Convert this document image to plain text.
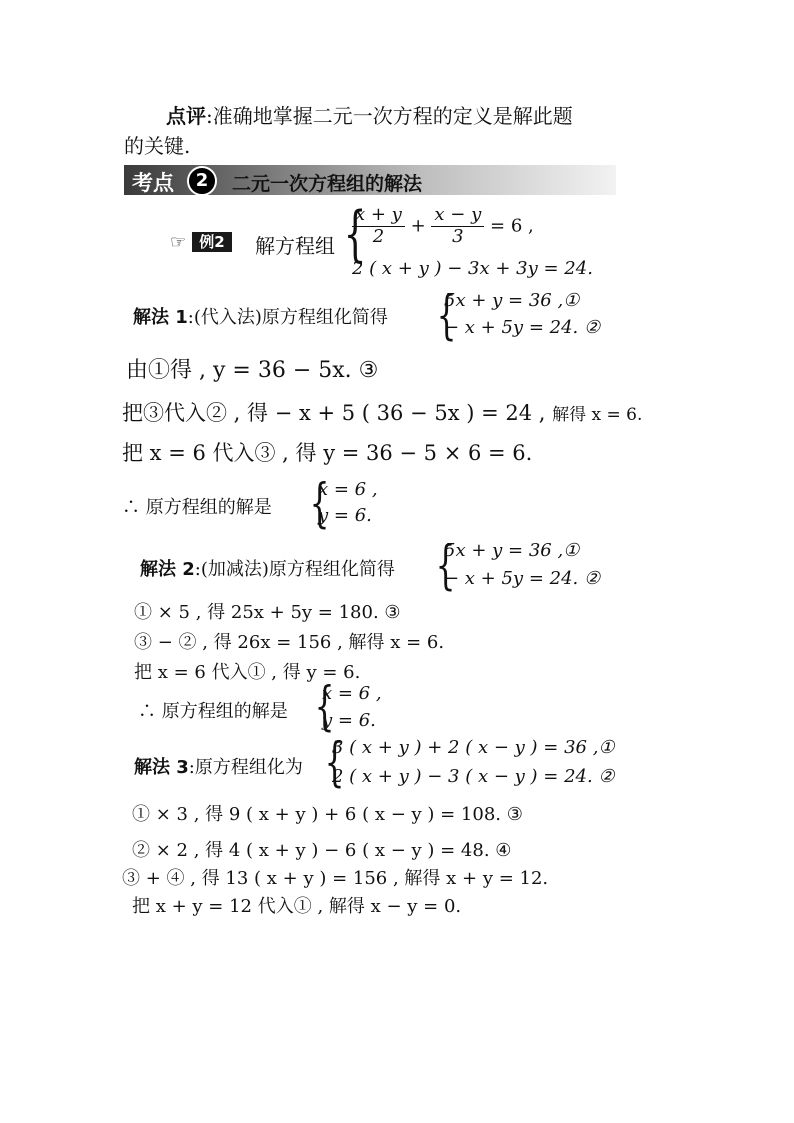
点评:准确地掌握二元一次方程的定义是解此题
的关键.
考点	2	二元一次方程组的解法
☞ 例2	解方程组 {
$\frac{x + y}{2} + \frac{x - y}{3} = 6$ ,
2 ( x + y ) − 3x + 3y = 24.
解法 1:(代入法)原方程组化简得 {
5x + y = 36 ,①
− x + 5y = 24. ②
由①得 , y = 36 − 5x. ③
把③代入② , 得 − x + 5 ( 36 − 5x ) = 24 , 解得 x = 6.
把 x = 6 代入③ , 得 y = 36 − 5 × 6 = 6.
∴ 原方程组的解是 {
x = 6 ,
y = 6.
解法 2:(加减法)原方程组化简得 {
5x + y = 36 ,①
− x + 5y = 24. ②
① × 5 , 得 25x + 5y = 180. ③
③ − ② , 得 26x = 156 , 解得 x = 6.
把 x = 6 代入① , 得 y = 6.
∴ 原方程组的解是 {
x = 6 ,
y = 6.
解法 3:原方程组化为 {
3 ( x + y ) + 2 ( x − y ) = 36 ,①
2 ( x + y ) − 3 ( x − y ) = 24. ②
① × 3 , 得 9 ( x + y ) + 6 ( x − y ) = 108. ③
② × 2 , 得 4 ( x + y ) − 6 ( x − y ) = 48. ④
③ + ④ , 得 13 ( x + y ) = 156 , 解得 x + y = 12.
把 x + y = 12 代入① , 解得 x − y = 0.
